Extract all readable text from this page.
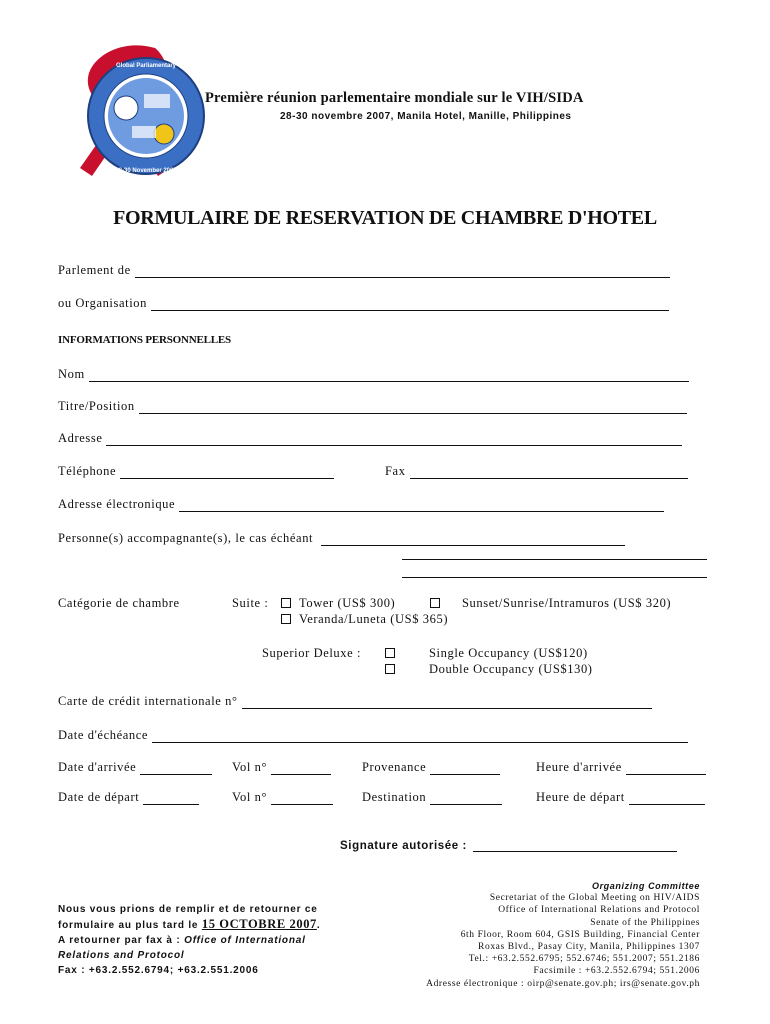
Global Parliamentary
28-30 November 2007
Première réunion parlementaire mondiale sur le VIH/SIDA
28-30 novembre 2007, Manila Hotel, Manille, Philippines
FORMULAIRE DE RESERVATION DE CHAMBRE D'HOTEL
Parlement de
ou Organisation
INFORMATIONS PERSONNELLES
Nom
Titre/Position
Adresse
Téléphone	Fax
Adresse électronique
Personne(s) accompagnante(s), le cas échéant
Catégorie de chambre	Suite :	Tower (US$ 300)	Sunset/Sunrise/Intramuros (US$ 320)
Veranda/Luneta (US$ 365)
Superior Deluxe :	Single Occupancy (US$120)
Double Occupancy (US$130)
Carte de crédit internationale n°
Date d'échéance
Date d'arrivée	Vol n°	Provenance	Heure d'arrivée
Date de départ	Vol n°	Destination	Heure de départ
Signature autorisée :
Nous vous prions de remplir et de retourner ce
formulaire au plus tard le 15 OCTOBRE 2007.
A retourner par fax à : Office of International
Relations and Protocol
Fax : +63.2.552.6794; +63.2.551.2006
Organizing Committee
Secretariat of the Global Meeting on HIV/AIDS
Office of International Relations and Protocol
Senate of the Philippines
6th Floor, Room 604, GSIS Building, Financial Center
Roxas Blvd., Pasay City, Manila, Philippines 1307
Tel.: +63.2.552.6795; 552.6746; 551.2007; 551.2186
Facsimile : +63.2.552.6794; 551.2006
Adresse électronique : oirp@senate.gov.ph; irs@senate.gov.ph
